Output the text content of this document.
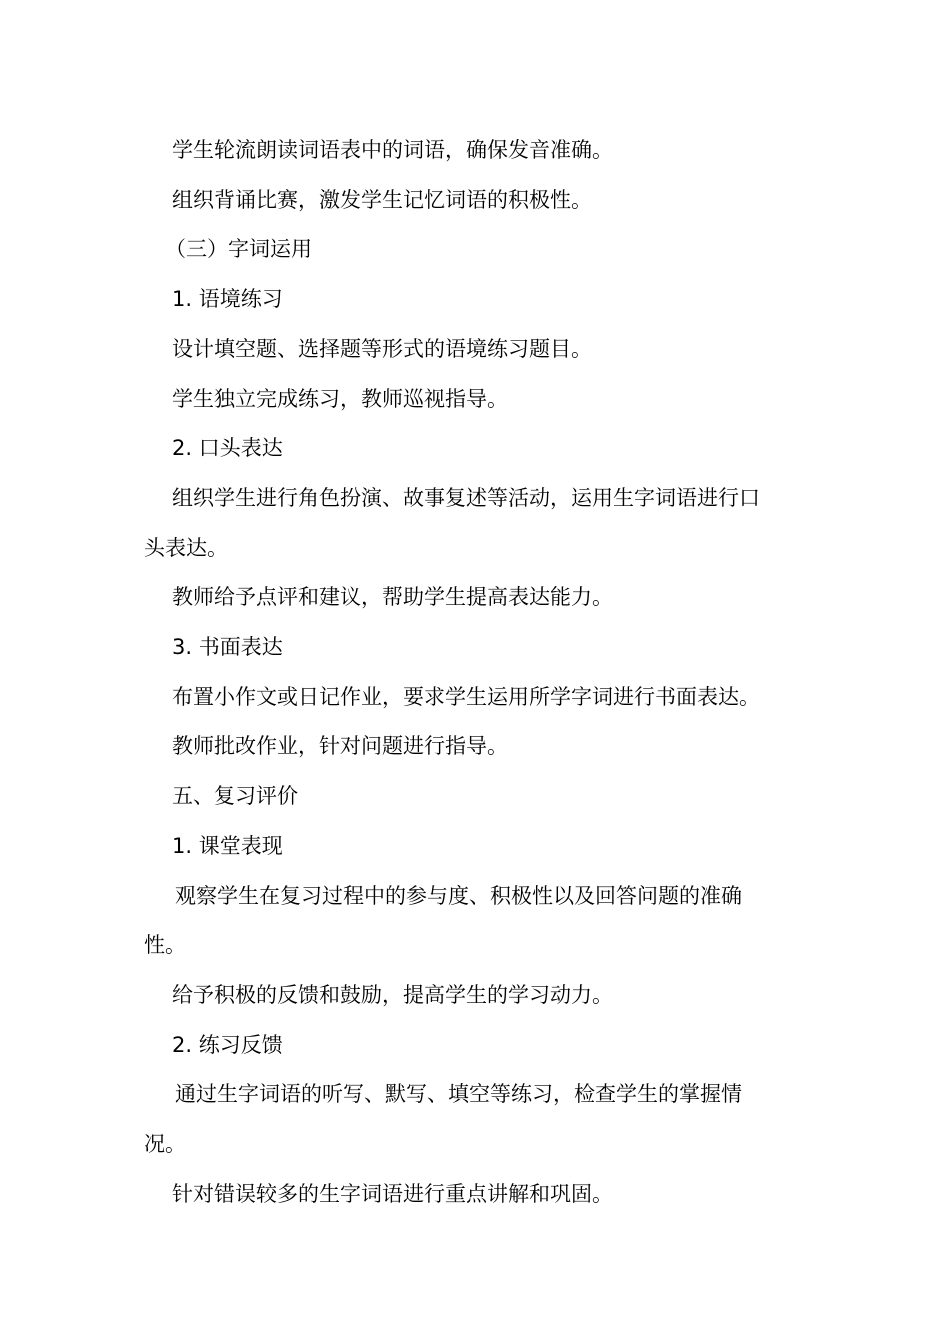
学生轮流朗读词语表中的词语，确保发音准确。
组织背诵比赛，激发学生记忆词语的积极性。
（三）字词运用
1. 语境练习
设计填空题、选择题等形式的语境练习题目。
学生独立完成练习，教师巡视指导。
2. 口头表达
组织学生进行角色扮演、故事复述等活动，运用生字词语进行口
头表达。
教师给予点评和建议，帮助学生提高表达能力。
3. 书面表达
布置小作文或日记作业，要求学生运用所学字词进行书面表达。
教师批改作业，针对问题进行指导。
五、复习评价
1. 课堂表现
观察学生在复习过程中的参与度、积极性以及回答问题的准确
性。
给予积极的反馈和鼓励，提高学生的学习动力。
2. 练习反馈
通过生字词语的听写、默写、填空等练习，检查学生的掌握情
况。
针对错误较多的生字词语进行重点讲解和巩固。
